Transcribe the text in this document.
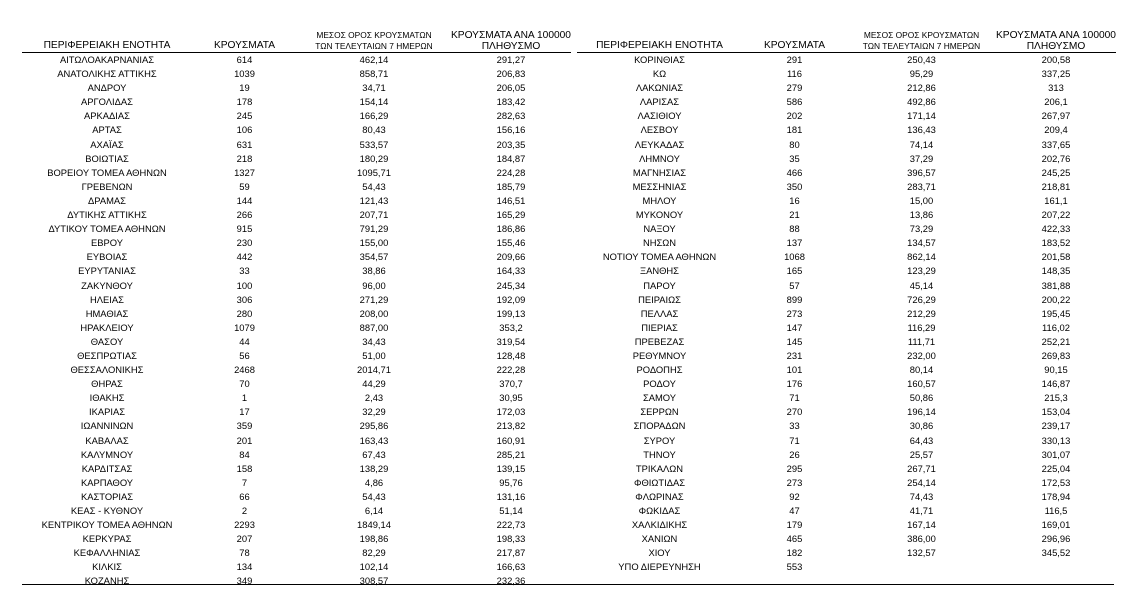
ΠΕΡΙΦΕΡΕΙΑΚΗ ΕΝΟΤΗΤΑ	ΚΡΟΥΣΜΑΤΑ	ΜΕΣΟΣ ΟΡΟΣ ΚΡΟΥΣΜΑΤΩΝ
ΤΩΝ ΤΕΛΕΥΤΑΙΩΝ 7 ΗΜΕΡΩΝ	ΚΡΟΥΣΜΑΤΑ ΑΝΑ 100000
ΠΛΗΘΥΣΜΟ
ΑΙΤΩΛΟΑΚΑΡΝΑΝΙΑΣ	614	462,14	291,27
ΑΝΑΤΟΛΙΚΗΣ ΑΤΤΙΚΗΣ	1039	858,71	206,83
ΑΝΔΡΟΥ	19	34,71	206,05
ΑΡΓΟΛΙΔΑΣ	178	154,14	183,42
ΑΡΚΑΔΙΑΣ	245	166,29	282,63
ΑΡΤΑΣ	106	80,43	156,16
ΑΧΑΪΑΣ	631	533,57	203,35
ΒΟΙΩΤΙΑΣ	218	180,29	184,87
ΒΟΡΕΙΟΥ ΤΟΜΕΑ ΑΘΗΝΩΝ	1327	1095,71	224,28
ΓΡΕΒΕΝΩΝ	59	54,43	185,79
ΔΡΑΜΑΣ	144	121,43	146,51
ΔΥΤΙΚΗΣ ΑΤΤΙΚΗΣ	266	207,71	165,29
ΔΥΤΙΚΟΥ ΤΟΜΕΑ ΑΘΗΝΩΝ	915	791,29	186,86
ΕΒΡΟΥ	230	155,00	155,46
ΕΥΒΟΙΑΣ	442	354,57	209,66
ΕΥΡΥΤΑΝΙΑΣ	33	38,86	164,33
ΖΑΚΥΝΘΟΥ	100	96,00	245,34
ΗΛΕΙΑΣ	306	271,29	192,09
ΗΜΑΘΙΑΣ	280	208,00	199,13
ΗΡΑΚΛΕΙΟΥ	1079	887,00	353,2
ΘΑΣΟΥ	44	34,43	319,54
ΘΕΣΠΡΩΤΙΑΣ	56	51,00	128,48
ΘΕΣΣΑΛΟΝΙΚΗΣ	2468	2014,71	222,28
ΘΗΡΑΣ	70	44,29	370,7
ΙΘΑΚΗΣ	1	2,43	30,95
ΙΚΑΡΙΑΣ	17	32,29	172,03
ΙΩΑΝΝΙΝΩΝ	359	295,86	213,82
ΚΑΒΑΛΑΣ	201	163,43	160,91
ΚΑΛΥΜΝΟΥ	84	67,43	285,21
ΚΑΡΔΙΤΣΑΣ	158	138,29	139,15
ΚΑΡΠΑΘΟΥ	7	4,86	95,76
ΚΑΣΤΟΡΙΑΣ	66	54,43	131,16
ΚΕΑΣ - ΚΥΘΝΟΥ	2	6,14	51,14
ΚΕΝΤΡΙΚΟΥ ΤΟΜΕΑ ΑΘΗΝΩΝ	2293	1849,14	222,73
ΚΕΡΚΥΡΑΣ	207	198,86	198,33
ΚΕΦΑΛΛΗΝΙΑΣ	78	82,29	217,87
ΚΙΛΚΙΣ	134	102,14	166,63
ΚΟΖΑΝΗΣ	349	308,57	232,36
ΠΕΡΙΦΕΡΕΙΑΚΗ ΕΝΟΤΗΤΑ	ΚΡΟΥΣΜΑΤΑ	ΜΕΣΟΣ ΟΡΟΣ ΚΡΟΥΣΜΑΤΩΝ
ΤΩΝ ΤΕΛΕΥΤΑΙΩΝ 7 ΗΜΕΡΩΝ	ΚΡΟΥΣΜΑΤΑ ΑΝΑ 100000
ΠΛΗΘΥΣΜΟ
ΚΟΡΙΝΘΙΑΣ	291	250,43	200,58
ΚΩ	116	95,29	337,25
ΛΑΚΩΝΙΑΣ	279	212,86	313
ΛΑΡΙΣΑΣ	586	492,86	206,1
ΛΑΣΙΘΙΟΥ	202	171,14	267,97
ΛΕΣΒΟΥ	181	136,43	209,4
ΛΕΥΚΑΔΑΣ	80	74,14	337,65
ΛΗΜΝΟΥ	35	37,29	202,76
ΜΑΓΝΗΣΙΑΣ	466	396,57	245,25
ΜΕΣΣΗΝΙΑΣ	350	283,71	218,81
ΜΗΛΟΥ	16	15,00	161,1
ΜΥΚΟΝΟΥ	21	13,86	207,22
ΝΑΞΟΥ	88	73,29	422,33
ΝΗΣΩΝ	137	134,57	183,52
ΝΟΤΙΟΥ ΤΟΜΕΑ ΑΘΗΝΩΝ	1068	862,14	201,58
ΞΑΝΘΗΣ	165	123,29	148,35
ΠΑΡΟΥ	57	45,14	381,88
ΠΕΙΡΑΙΩΣ	899	726,29	200,22
ΠΕΛΛΑΣ	273	212,29	195,45
ΠΙΕΡΙΑΣ	147	116,29	116,02
ΠΡΕΒΕΖΑΣ	145	111,71	252,21
ΡΕΘΥΜΝΟΥ	231	232,00	269,83
ΡΟΔΟΠΗΣ	101	80,14	90,15
ΡΟΔΟΥ	176	160,57	146,87
ΣΑΜΟΥ	71	50,86	215,3
ΣΕΡΡΩΝ	270	196,14	153,04
ΣΠΟΡΑΔΩΝ	33	30,86	239,17
ΣΥΡΟΥ	71	64,43	330,13
ΤΗΝΟΥ	26	25,57	301,07
ΤΡΙΚΑΛΩΝ	295	267,71	225,04
ΦΘΙΩΤΙΔΑΣ	273	254,14	172,53
ΦΛΩΡΙΝΑΣ	92	74,43	178,94
ΦΩΚΙΔΑΣ	47	41,71	116,5
ΧΑΛΚΙΔΙΚΗΣ	179	167,14	169,01
ΧΑΝΙΩΝ	465	386,00	296,96
ΧΙΟΥ	182	132,57	345,52
ΥΠΟ ΔΙΕΡΕΥΝΗΣΗ	553		
